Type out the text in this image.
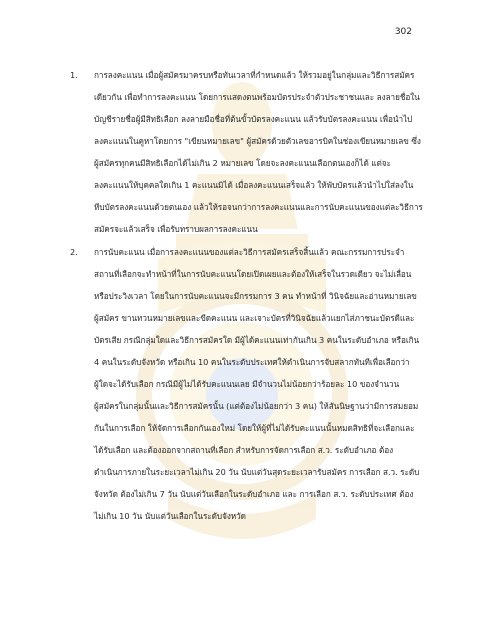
302
1. การลงคะแนน เมื่อผู้สมัครมาครบหรือทันเวลาที่กำหนดแล้ว ให้รวมอยู่ในกลุ่มและวิธีการสมัคร
เดียวกัน เพื่อทำการลงคะแนน โดยการแสดงตนพร้อมบัตรประจำตัวประชาชนและ ลงลายชื่อใน
บัญชีรายชื่อผู้มีสิทธิเลือก ลงลายมือชื่อที่ต้นขั้วบัตรลงคะแนน แล้วรับบัตรลงคะแนน เพื่อนำไป
ลงคะแนนในคูหาโดยการ "เขียนหมายเลข" ผู้สมัครด้วยตัวเลขอารบิคในช่องเขียนหมายเลข ซึ่ง
ผู้สมัครทุกคนมีสิทธิเลือกได้ไม่เกิน 2 หมายเลข โดยจะลงคะแนนเลือกตนเองก็ได้ แต่จะ
ลงคะแนนให้บุคคลใดเกิน 1 คะแนนมิได้ เมื่อลงคะแนนเสร็จแล้ว ให้พับบัตรแล้วนำไปใส่ลงใน
หีบบัตรลงคะแนนด้วยตนเอง แล้วให้รอจนกว่าการลงคะแนนและการนับคะแนนของแต่ละวิธีการ
สมัครจะแล้วเสร็จ เพื่อรับทราบผลการลงคะแนน
2. การนับคะแนน เมื่อการลงคะแนนของแต่ละวิธีการสมัครเสร็จสิ้นแล้ว คณะกรรมการประจำ
สถานที่เลือกจะทำหน้าที่ในการนับคะแนนโดยเปิดเผยและต้องให้เสร็จในรวดเดียว จะไม่เลื่อน
หรือประวิงเวลา โดยในการนับคะแนนจะมีกรรมการ 3 คน ทำหน้าที่ วินิจฉัยและอ่านหมายเลข
ผู้สมัคร ขานทวนหมายเลขและขีดคะแนน และเจาะบัตรที่วินิจฉัยแล้วแยกไส่ภาชนะบัตรดีและ
บัตรเสีย กรณีกลุ่มใดและวิธีการสมัครใด มีผู้ได้คะแนนเท่ากันเกิน 3 คนในระดับอำเภอ หรือเกิน
4 คนในระดับจังหวัด หรือเกิน 10 คนในระดับประเทศให้ดำเนินการจับสลากทันทีเพื่อเลือกว่า
ผู้ใดจะได้รับเลือก กรณีมีผู้ไม่ได้รับคะแนนเลย มีจำนวนไม่น้อยกว่าร้อยละ 10 ของจำนวน
ผู้สมัครในกลุ่มนั้นและวิธีการสมัครนั้น (แต่ต้องไม่น้อยกว่า 3 คน) ให้สันนิษฐานว่ามีการสมยอม
กันในการเลือก ให้จัดการเลือกกันเองใหม่ โดยให้ผู้ที่ไม่ได้รับคะแนนนั้นหมดสิทธิที่จะเลือกและ
ได้รับเลือก และต้องออกจากสถานที่เลือก สำหรับการจัดการเลือก ส.ว. ระดับอำเภอ ต้อง
ดำเนินการภายในระยะเวลาไม่เกิน 20 วัน นับแต่วันสุดระยะเวลารับสมัคร การเลือก ส.ว. ระดับ
จังหวัด ต้องไม่เกิน 7 วัน นับแต่วันเลือกในระดับอำเภอ และ การเลือก ส.ว. ระดับประเทศ ต้อง
ไม่เกิน 10 วัน นับแต่วันเลือกในระดับจังหวัด
